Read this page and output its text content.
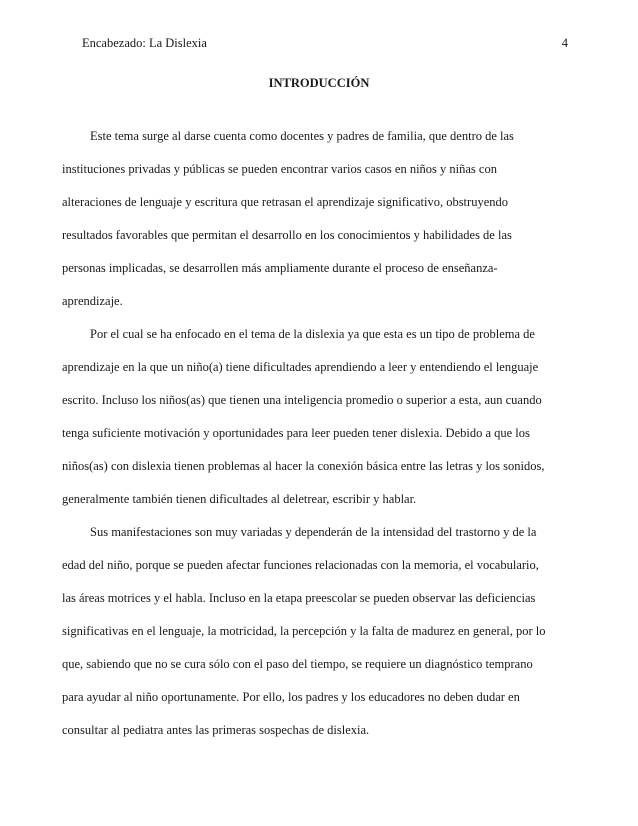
Encabezado: La Dislexia	4
INTRODUCCIÓN
Este tema surge al darse cuenta como docentes y padres de familia, que dentro de las
instituciones privadas y públicas se pueden encontrar varios casos en niños y niñas con
alteraciones de lenguaje y escritura que retrasan el aprendizaje significativo, obstruyendo
resultados favorables que permitan el desarrollo en los conocimientos y habilidades de las
personas implicadas, se desarrollen más ampliamente durante el proceso de enseñanza-
aprendizaje.
Por el cual se ha enfocado en el tema de la dislexia ya que esta es un tipo de problema de
aprendizaje en la que un niño(a) tiene dificultades aprendiendo a leer y entendiendo el lenguaje
escrito. Incluso los niños(as) que tienen una inteligencia promedio o superior a esta, aun cuando
tenga suficiente motivación y oportunidades para leer pueden tener dislexia. Debido a que los
niños(as) con dislexia tienen problemas al hacer la conexión básica entre las letras y los sonidos,
generalmente también tienen dificultades al deletrear, escribir y hablar.
Sus manifestaciones son muy variadas y dependerán de la intensidad del trastorno y de la
edad del niño, porque se pueden afectar funciones relacionadas con la memoria, el vocabulario,
las áreas motrices y el habla. Incluso en la etapa preescolar se pueden observar las deficiencias
significativas en el lenguaje, la motricidad, la percepción y la falta de madurez en general, por lo
que, sabiendo que no se cura sólo con el paso del tiempo, se requiere un diagnóstico temprano
para ayudar al niño oportunamente. Por ello, los padres y los educadores no deben dudar en
consultar al pediatra antes las primeras sospechas de dislexia.
